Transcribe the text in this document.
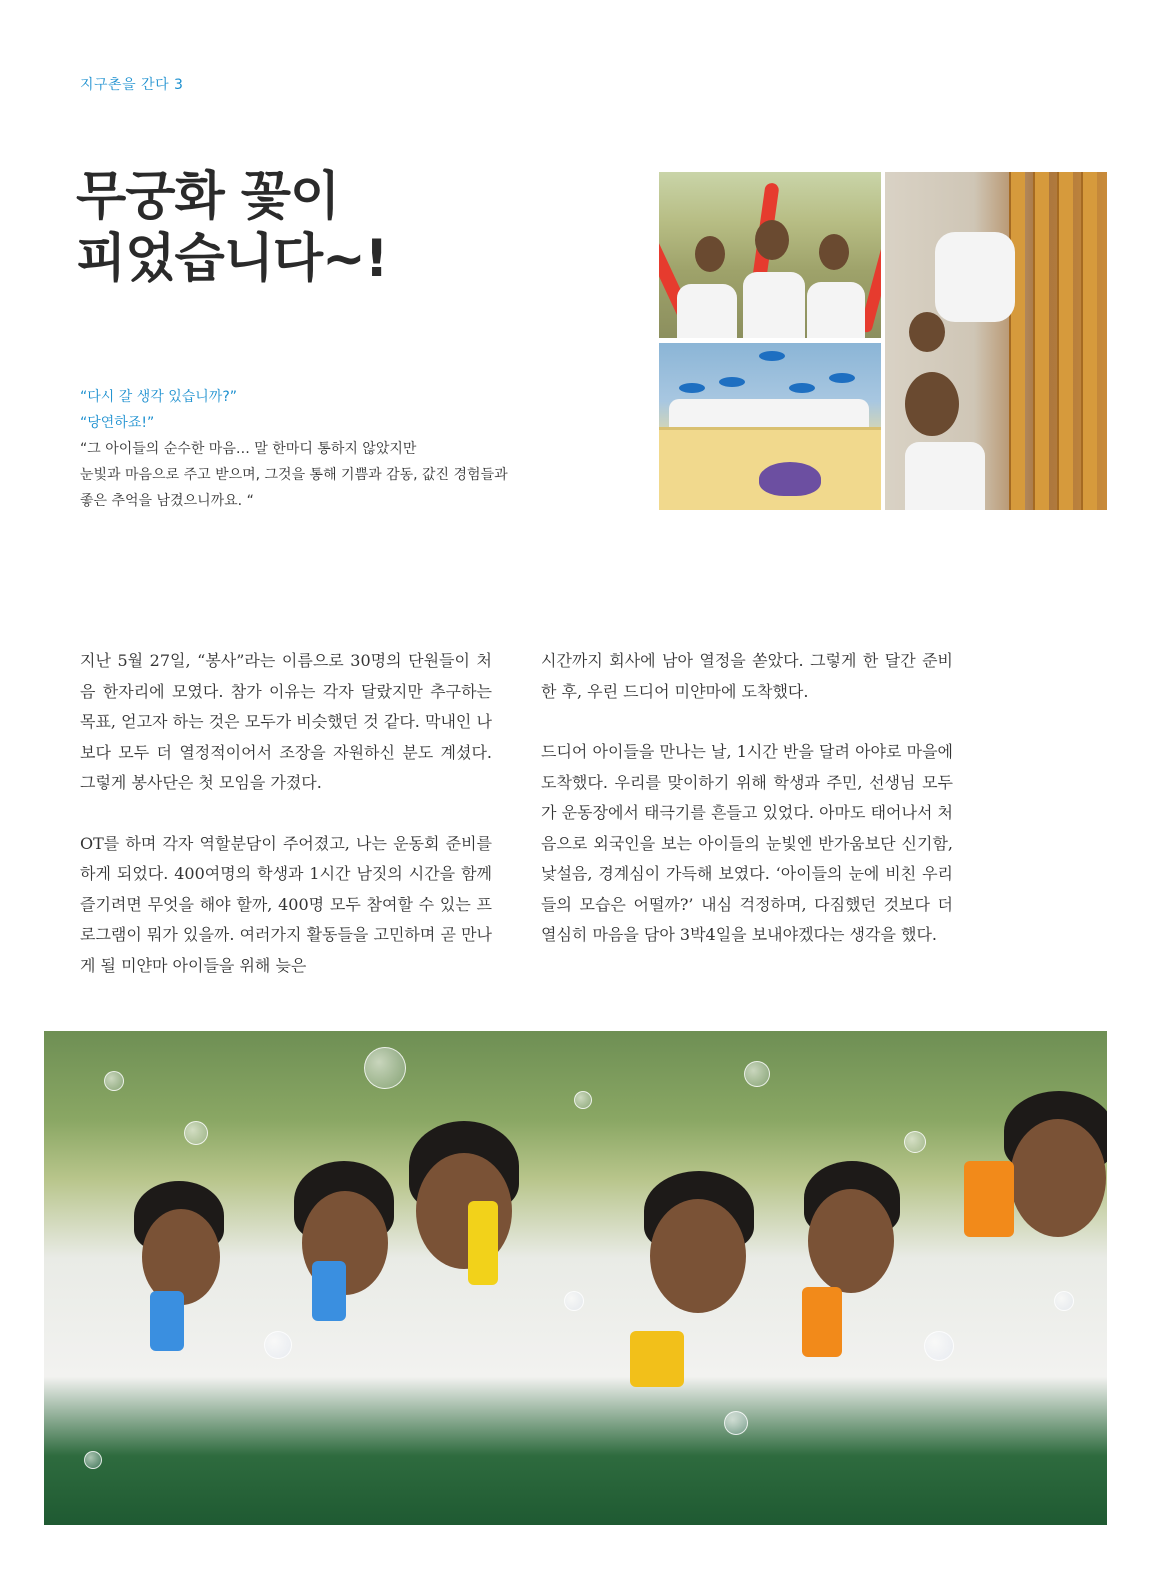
지구촌을 간다 3
무궁화 꽃이
피었습니다~!
“다시 갈 생각 있습니까?”
“당연하죠!”
“그 아이들의 순수한 마음… 말 한마디 통하지 않았지만
눈빛과 마음으로 주고 받으며, 그것을 통해 기쁨과 감동, 값진 경험들과
좋은 추억을 남겼으니까요. “

지난 5월 27일, “봉사”라는 이름으로 30명의 단원들이 처음 한자리에 모였다. 참가 이유는 각자 달랐지만 추구하는 목표, 얻고자 하는 것은 모두가 비슷했던 것 같다. 막내인 나보다 모두 더 열정적이어서 조장을 자원하신 분도 계셨다. 그렇게 봉사단은 첫 모임을 가졌다.

OT를 하며 각자 역할분담이 주어졌고, 나는 운동회 준비를 하게 되었다. 400여명의 학생과 1시간 남짓의 시간을 함께 즐기려면 무엇을 해야 할까, 400명 모두 참여할 수 있는 프로그램이 뭐가 있을까. 여러가지 활동들을 고민하며 곧 만나게 될 미얀마 아이들을 위해 늦은

시간까지 회사에 남아 열정을 쏟았다. 그렇게 한 달간 준비한 후, 우린 드디어 미얀마에 도착했다.

드디어 아이들을 만나는 날, 1시간 반을 달려 아야로 마을에 도착했다. 우리를 맞이하기 위해 학생과 주민, 선생님 모두가 운동장에서 태극기를 흔들고 있었다. 아마도 태어나서 처음으로 외국인을 보는 아이들의 눈빛엔 반가움보단 신기함, 낯설음, 경계심이 가득해 보였다. ‘아이들의 눈에 비친 우리들의 모습은 어떨까?’ 내심 걱정하며, 다짐했던 것보다 더 열심히 마음을 담아 3박4일을 보내야겠다는 생각을 했다.
